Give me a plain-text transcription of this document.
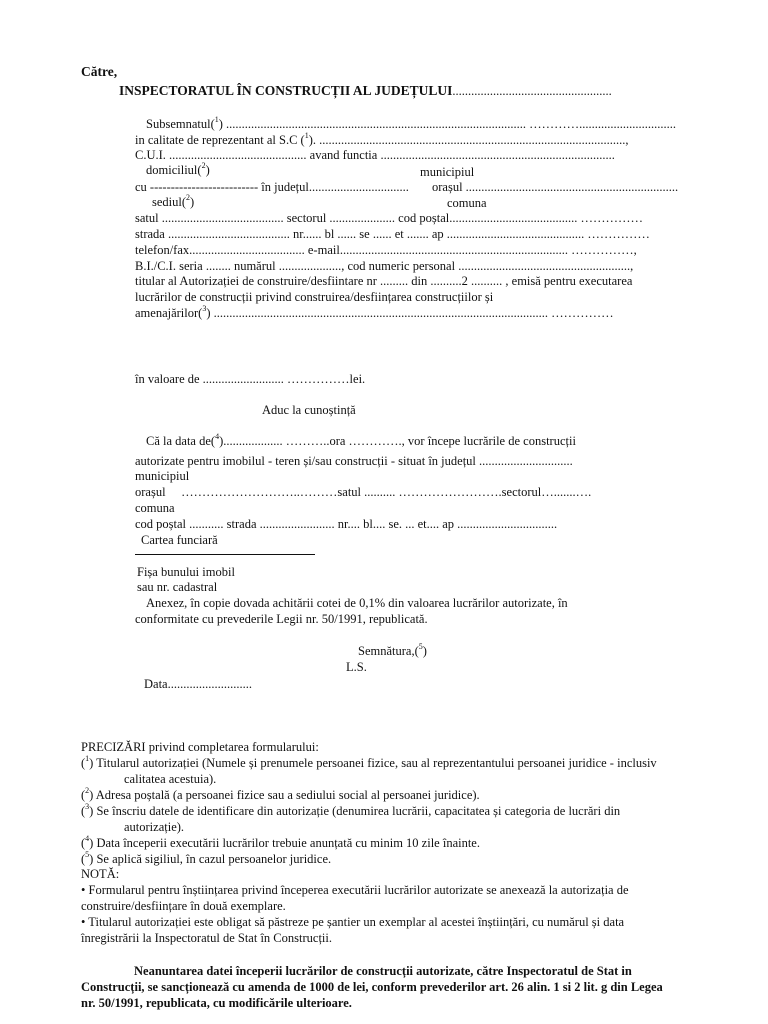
Către,
INSPECTORATUL ÎN CONSTRUCȚII AL JUDEȚULUI...................................................
Subsemnatul($^1$) ................................................................................................ …………...............................
in calitate de reprezentant al S.C ($^1$). ..................................................................................................,
C.U.I. ............................................ avand functia ...........................................................................
domiciliul($^2$)	municipiul
cu -------------------------- în județul................................ orașul ....................................................................
sediul($^2$)	comuna
satul ....................................... sectorul ..................... cod poștal......................................... ……………
strada ....................................... nr...... bl ...... se ...... et ....... ap ............................................ ……………
telefon/fax..................................... e-mail......................................................................... ……………,
B.I./C.I. seria ........ numărul ...................., cod numeric personal .......................................................,
titular al Autorizației de construire/desfiintare nr ......... din ..........2 .......... , emisă pentru executarea
lucrărilor de construcții privind construirea/desființarea construcțiilor și
amenajărilor($^3$) ........................................................................................................... ……………
în valoare de .......................... ……………lei.
Aduc la cunoștință
Că la data de($^4$)................... ………..ora …………., vor începe lucrările de construcții
autorizate pentru imobilul - teren și/sau construcții - situat în județul ..............................
municipiul
orașul     ………………………..………satul .......... …………………….sectorul….......….
comuna
cod poștal ........... strada ........................ nr.... bl.... se. ... et.... ap ................................
Cartea funciară
Fișa bunului imobil
sau nr. cadastral
Anexez, în copie dovada achitării cotei de 0,1% din valoarea lucrărilor autorizate, în
conformitate cu prevederile Legii nr. 50/1991, republicată.
Semnătura,($^5$)
L.S.
Data...........................
PRECIZĂRI privind completarea formularului:
($^1$) Titularul autorizației (Numele și prenumele persoanei fizice, sau al reprezentantului persoanei juridice - inclusiv
calitatea acestuia).
($^2$) Adresa poștală (a persoanei fizice sau a sediului social al persoanei juridice).
($^3$) Se înscriu datele de identificare din autorizație (denumirea lucrării, capacitatea și categoria de lucrări din
autorizație).
($^4$) Data începerii executării lucrărilor trebuie anunțată cu minim 10 zile înainte.
($^5$) Se aplică sigiliul, în cazul persoanelor juridice.
NOTĂ:
• Formularul pentru înștiințarea privind începerea executării lucrărilor autorizate se anexează la autorizația de
construire/desființare în două exemplare.
• Titularul autorizației este obligat să păstreze pe șantier un exemplar al acestei înștiințări, cu numărul și data
înregistrării la Inspectoratul de Stat în Construcții.
Neanuntarea datei începerii lucrărilor de construcții autorizate, către Inspectoratul de Stat in
Construcții, se sancționează cu amenda de 1000 de lei, conform prevederilor art. 26 alin. 1 si 2 lit. g din Legea
nr. 50/1991, republicata, cu modificările ulterioare.
